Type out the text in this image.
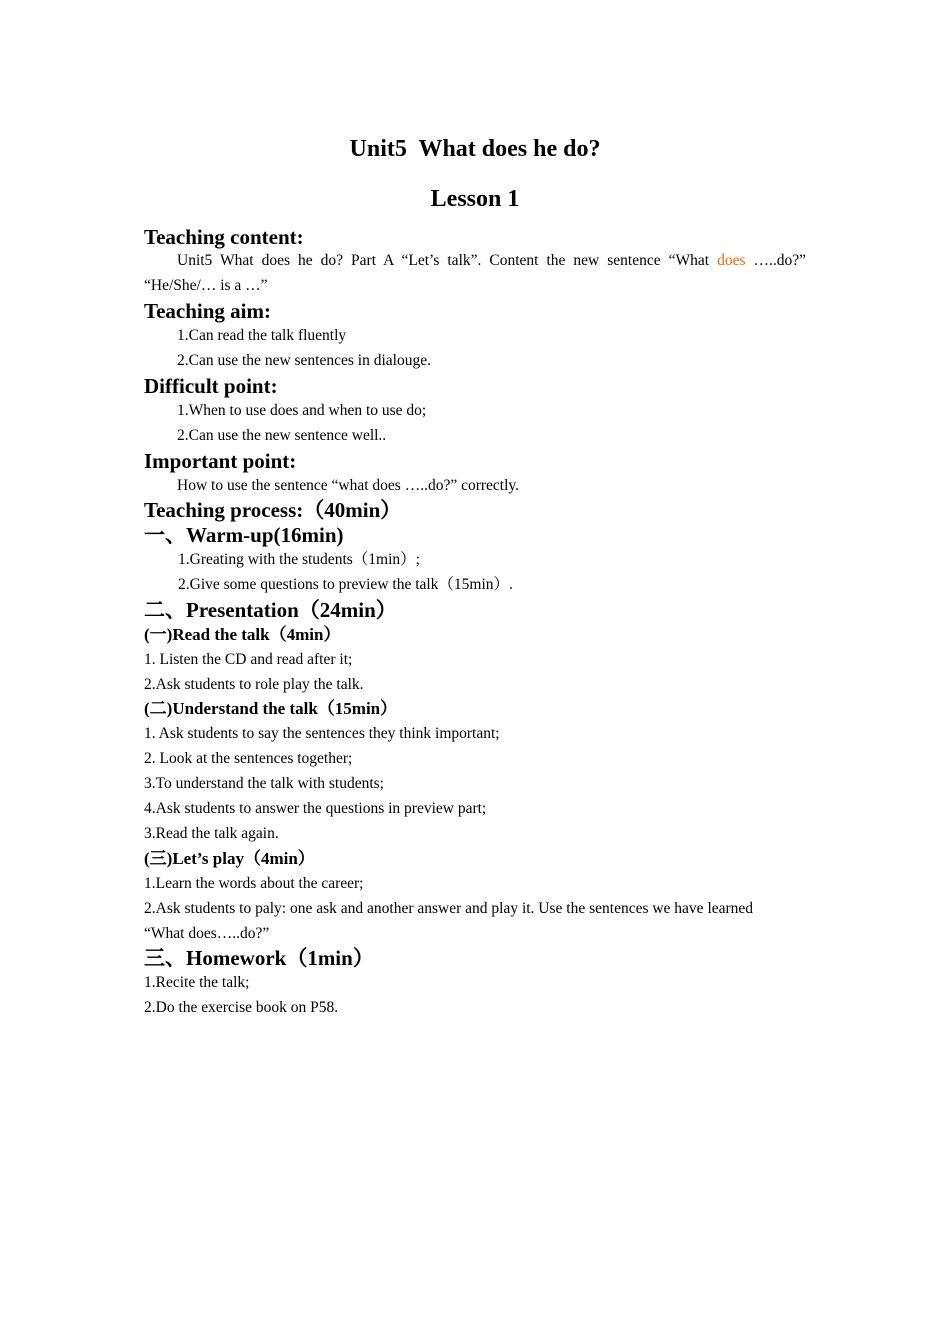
Unit5  What does he do?
Lesson 1
Teaching content:
Unit5 What does he do? Part A “Let’s talk”. Content the new sentence “What does …..do?”
“He/She/… is a …”
Teaching aim:
1.Can read the talk fluently
2.Can use the new sentences in dialouge.
Difficult point:
1.When to use does and when to use do;
2.Can use the new sentence well..
Important point:
How to use the sentence “what does …..do?” correctly.
Teaching process:（40min）
一、Warm-up(16min)
1.Greating with the students（1min）;
2.Give some questions to preview the talk（15min）.
二、Presentation（24min）
(一)Read the talk（4min）
1. Listen the CD and read after it;
2.Ask students to role play the talk.
(二)Understand the talk（15min）
1. Ask students to say the sentences they think important;
2. Look at the sentences together;
3.To understand the talk with students;
4.Ask students to answer the questions in preview part;
3.Read the talk again.
(三)Let’s play（4min）
1.Learn the words about the career;
2.Ask students to paly: one ask and another answer and play it. Use the sentences we have learned
“What does…..do?”
三、Homework（1min）
1.Recite the talk;
2.Do the exercise book on P58.
